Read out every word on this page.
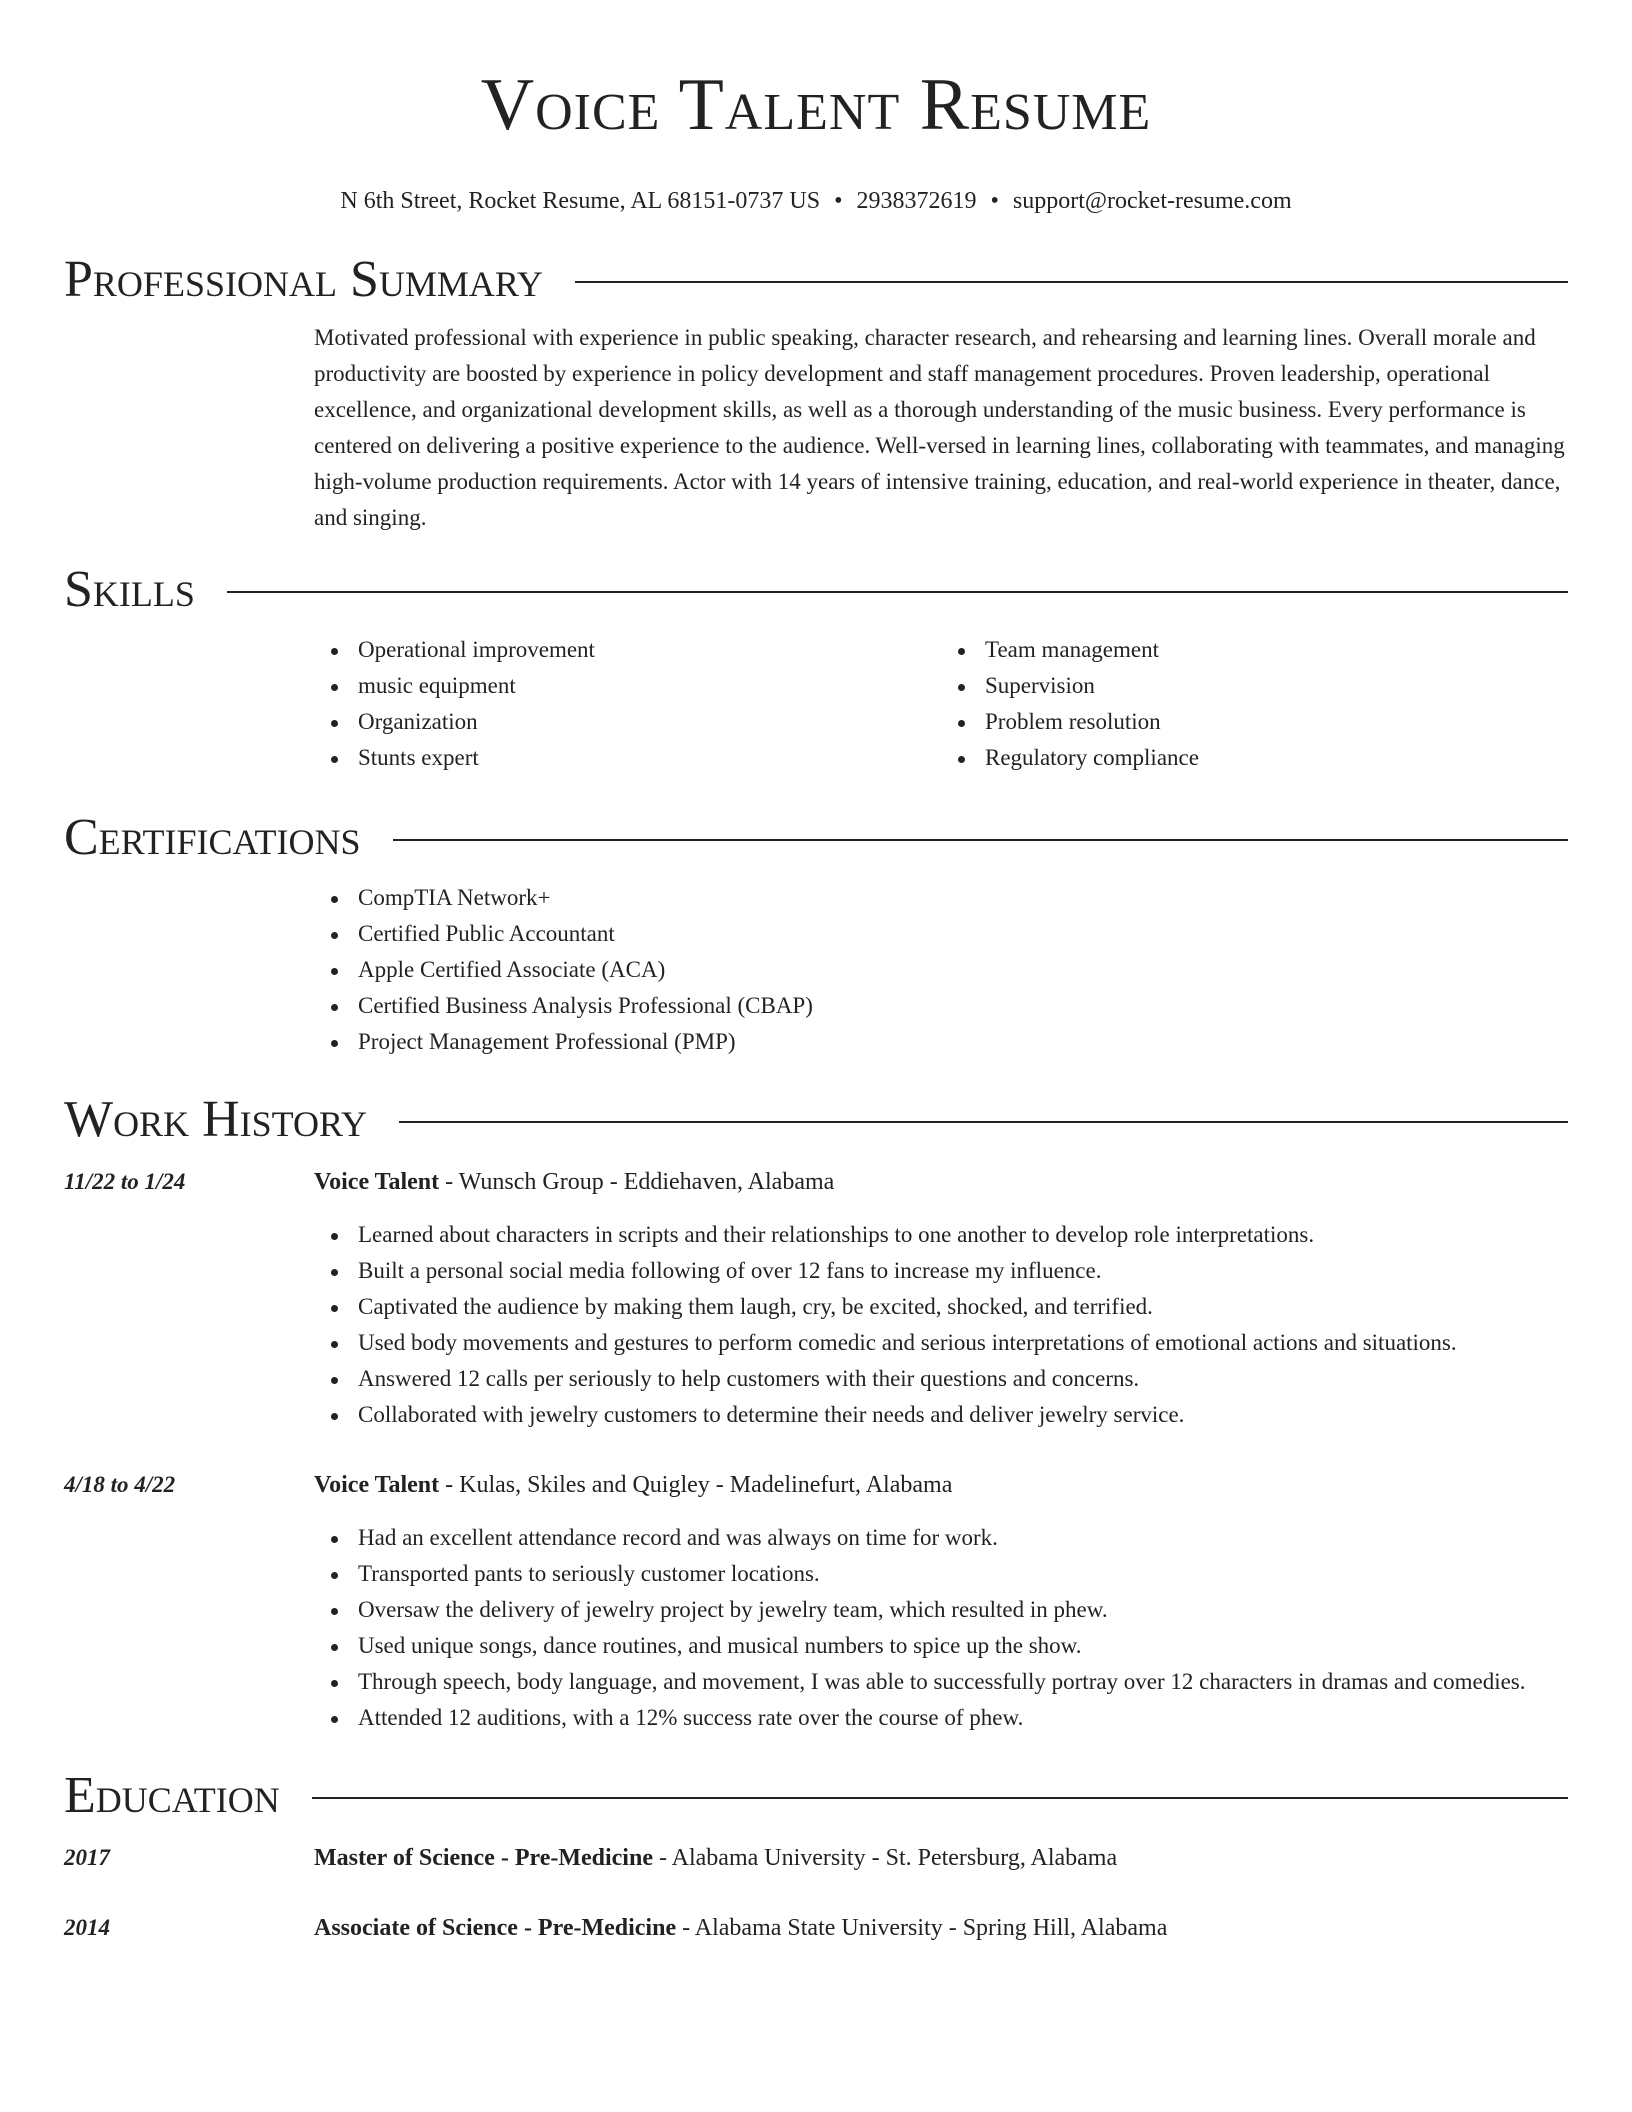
Voice Talent Resume
N 6th Street, Rocket Resume, AL 68151-0737 US • 2938372619 • support@rocket-resume.com
Professional Summary

Motivated professional with experience in public speaking, character research, and rehearsing and learning lines. Overall morale and productivity are boosted by experience in policy development and staff management procedures. Proven leadership, operational excellence, and organizational development skills, as well as a thorough understanding of the music business. Every performance is centered on delivering a positive experience to the audience. Well-versed in learning lines, collaborating with teammates, and managing high-volume production requirements. Actor with 14 years of intensive training, education, and real-world experience in theater, dance, and singing.

Skills
Operational improvement
music equipment
Organization
Stunts expert
Team management
Supervision
Problem resolution
Regulatory compliance
Certifications
CompTIA Network+
Certified Public Accountant
Apple Certified Associate (ACA)
Certified Business Analysis Professional (CBAP)
Project Management Professional (PMP)
Work History
11/22 to 1/24	Voice Talent - Wunsch Group - Eddiehaven, Alabama
Learned about characters in scripts and their relationships to one another to develop role interpretations.
Built a personal social media following of over 12 fans to increase my influence.
Captivated the audience by making them laugh, cry, be excited, shocked, and terrified.
Used body movements and gestures to perform comedic and serious interpretations of emotional actions and situations.
Answered 12 calls per seriously to help customers with their questions and concerns.
Collaborated with jewelry customers to determine their needs and deliver jewelry service.
4/18 to 4/22	Voice Talent - Kulas, Skiles and Quigley - Madelinefurt, Alabama
Had an excellent attendance record and was always on time for work.
Transported pants to seriously customer locations.
Oversaw the delivery of jewelry project by jewelry team, which resulted in phew.
Used unique songs, dance routines, and musical numbers to spice up the show.
Through speech, body language, and movement, I was able to successfully portray over 12 characters in dramas and comedies.
Attended 12 auditions, with a 12% success rate over the course of phew.
Education
2017	Master of Science - Pre-Medicine - Alabama University - St. Petersburg, Alabama
2014	Associate of Science - Pre-Medicine - Alabama State University - Spring Hill, Alabama
